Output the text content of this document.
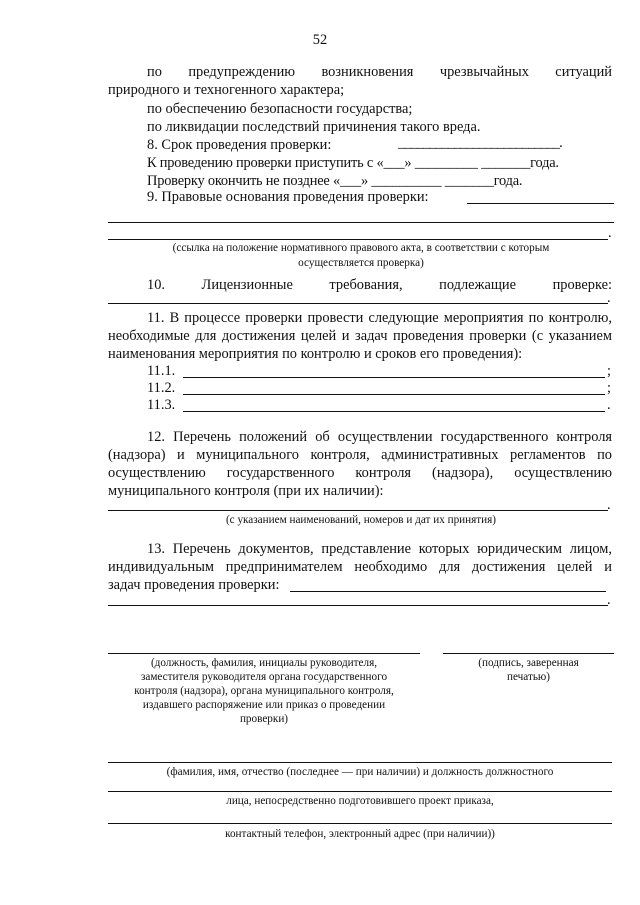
52
по предупреждению возникновения чрезвычайных ситуаций
природного и техногенного характера;
по обеспечению безопасности государства;
по ликвидации последствий причинения такого вреда.
8. Срок проведения проверки:	__________________________.
К проведению проверки приступить с «___» _________ _______года.
Проверку окончить не позднее «___» __________ _______года.
9. Правовые основания проведения проверки:
.
(ссылка на положение нормативного правового акта, в соответствии с которым
осуществляется проверка)
10. Лицензионные требования, подлежащие проверке:
.
11. В процессе проверки провести следующие мероприятия по контролю,
необходимые для достижения целей и задач проведения проверки (с указанием
наименования мероприятия по контролю и сроков его проведения):
11.1.	;
11.2.	;
11.3.	.
12. Перечень положений об осуществлении государственного контроля
(надзора) и муниципального контроля, административных регламентов по
осуществлению государственного контроля (надзора), осуществлению
муниципального контроля (при их наличии):
.
(с указанием наименований, номеров и дат их принятия)
13. Перечень документов, представление которых юридическим лицом,
индивидуальным предпринимателем необходимо для достижения целей и
задач проведения проверки:
.
(должность, фамилия, инициалы руководителя,
заместителя руководителя органа государственного
контроля (надзора), органа муниципального контроля,
издавшего распоряжение или приказ о проведении
проверки)
(подпись, заверенная
печатью)
(фамилия, имя, отчество (последнее — при наличии) и должность должностного
лица, непосредственно подготовившего проект приказа,
контактный телефон, электронный адрес (при наличии))
